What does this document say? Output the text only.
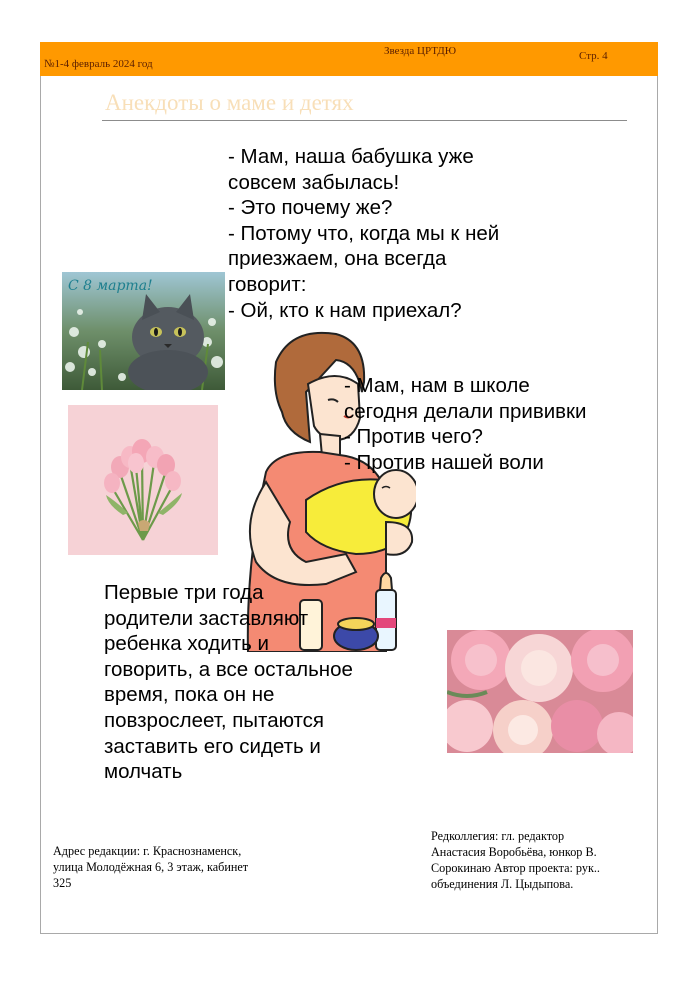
№1-4 февраль 2024 год
Звезда ЦРТДЮ	Стр. 4
Анекдоты о маме и детях
- Мам, наша бабушка уже
совсем забылась!
- Это почему же?
- Потому что, когда мы к ней
приезжаем, она всегда
говорит:
- Ой, кто к нам приехал?
С 8 марта!
- Мам, нам в школе
сегодня делали прививки
- Против чего?
- Против нашей воли
Первые три года
родители заставляют
ребенка ходить и
говорить, а все остальное
время, пока он не
повзрослеет, пытаются
заставить его сидеть и
молчать
Адрес редакции: г. Краснознаменск,
улица Молодёжная 6, 3 этаж, кабинет
325
Редколлегия: гл. редактор
Анастасия Воробьёва, юнкор В.
Сорокинаю Автор проекта: рук..
объединения Л. Цыдыпова.
